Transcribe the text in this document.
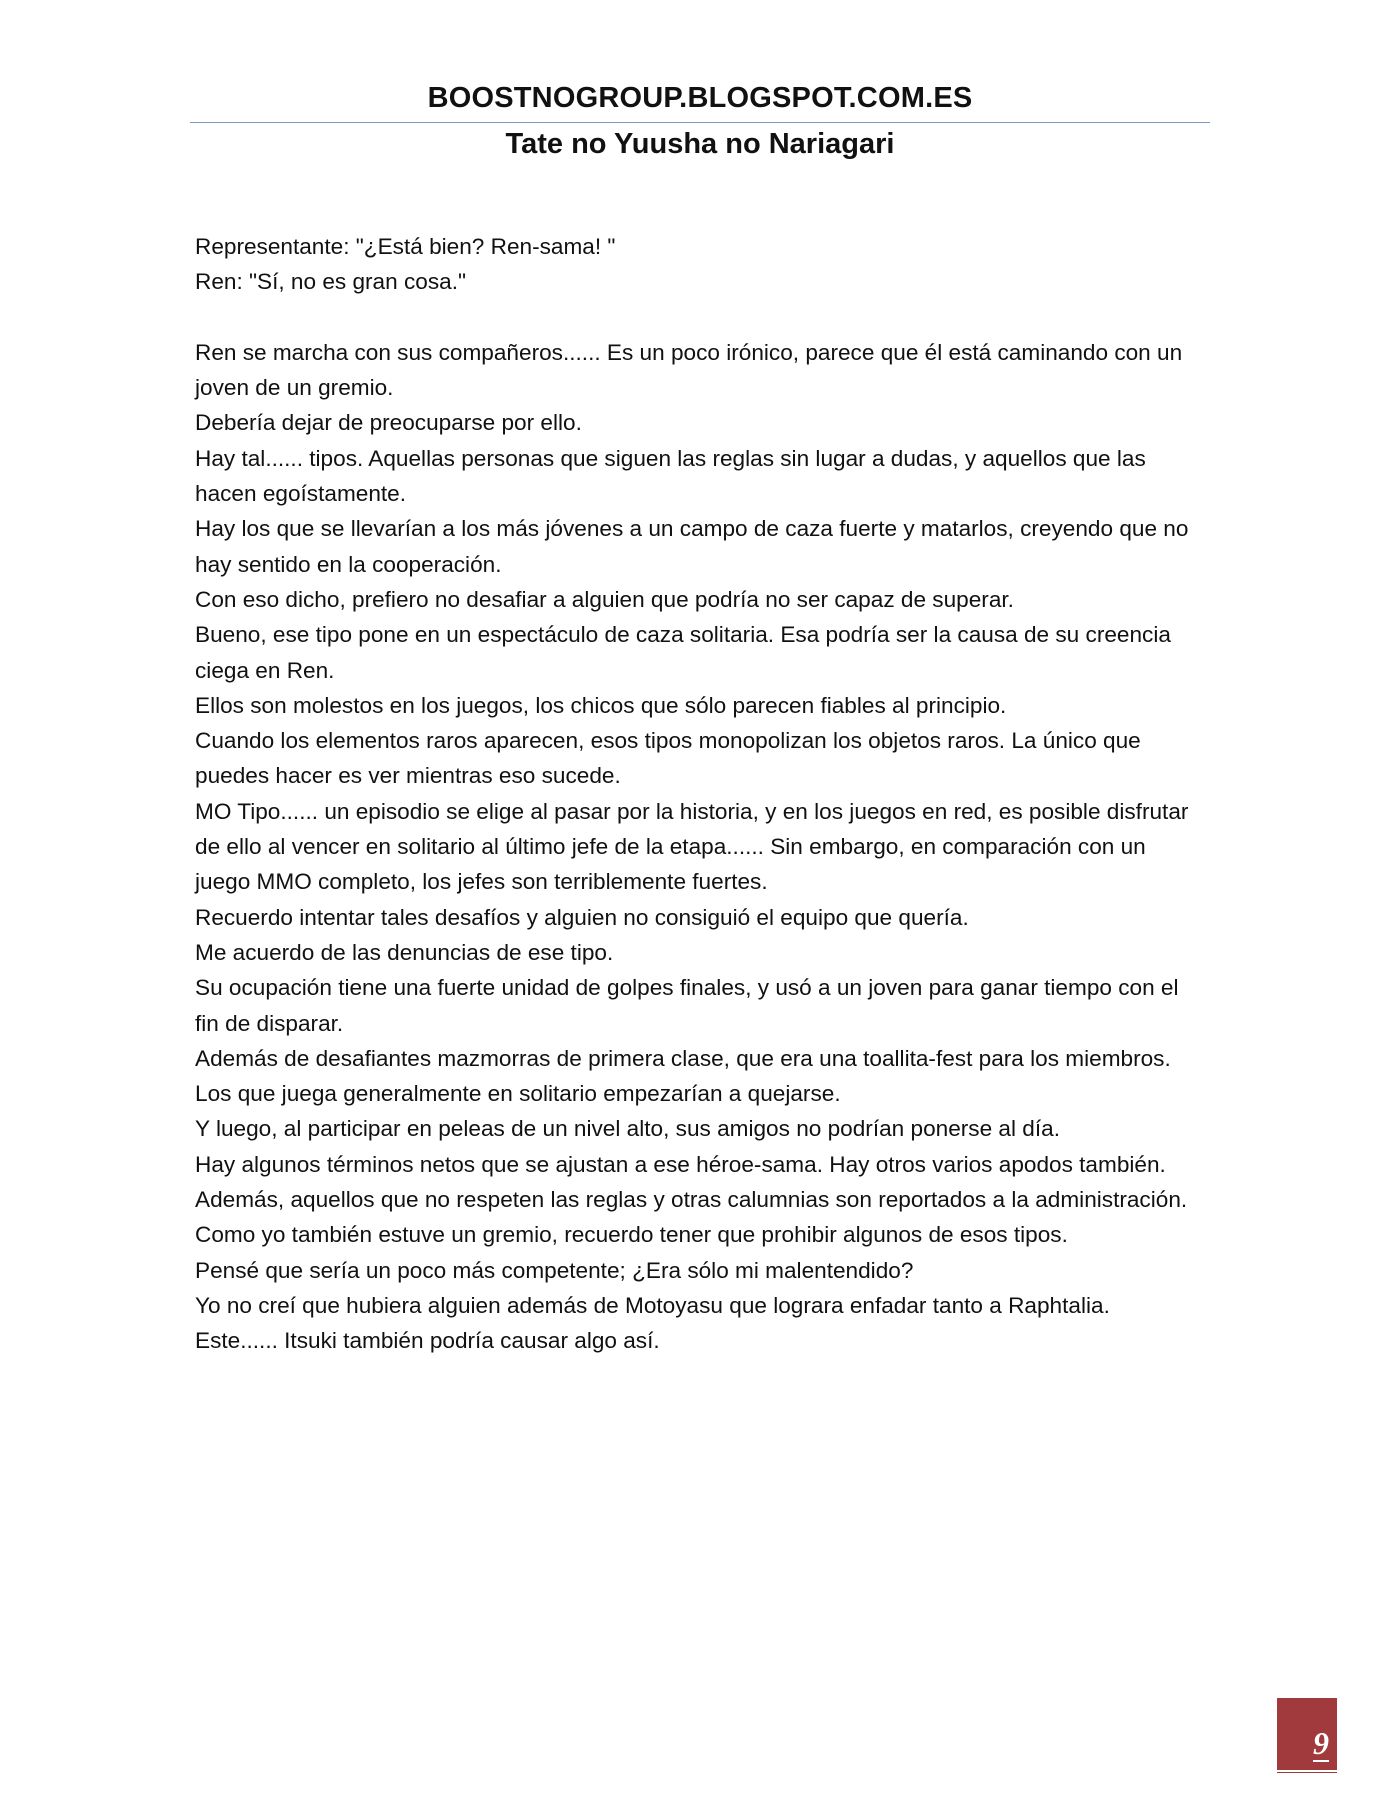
BOOSTNOGROUP.BLOGSPOT.COM.ES
Tate no Yuusha no Nariagari
Representante: "¿Está bien? Ren-sama! "
Ren: "Sí, no es gran cosa."
Ren se marcha con sus compañeros...... Es un poco irónico, parece que él está caminando con un
joven de un gremio.
Debería dejar de preocuparse por ello.
Hay tal...... tipos. Aquellas personas que siguen las reglas sin lugar a dudas, y aquellos que las
hacen egoístamente.
Hay los que se llevarían a los más jóvenes a un campo de caza fuerte y matarlos, creyendo que no
hay sentido en la cooperación.
Con eso dicho, prefiero no desafiar a alguien que podría no ser capaz de superar.
Bueno, ese tipo pone en un espectáculo de caza solitaria. Esa podría ser la causa de su creencia
ciega en Ren.
Ellos son molestos en los juegos, los chicos que sólo parecen fiables al principio.
Cuando los elementos raros aparecen, esos tipos monopolizan los objetos raros. La único que
puedes hacer es ver mientras eso sucede.
MO Tipo...... un episodio se elige al pasar por la historia, y en los juegos en red, es posible disfrutar
de ello al vencer en solitario al último jefe de la etapa...... Sin embargo, en comparación con un
juego MMO completo, los jefes son terriblemente fuertes.
Recuerdo intentar tales desafíos y alguien no consiguió el equipo que quería.
Me acuerdo de las denuncias de ese tipo.
Su ocupación tiene una fuerte unidad de golpes finales, y usó a un joven para ganar tiempo con el
fin de disparar.
Además de desafiantes mazmorras de primera clase, que era una toallita-fest para los miembros.
Los que juega generalmente en solitario empezarían a quejarse.
Y luego, al participar en peleas de un nivel alto, sus amigos no podrían ponerse al día.
Hay algunos términos netos que se ajustan a ese héroe-sama. Hay otros varios apodos también.
Además, aquellos que no respeten las reglas y otras calumnias son reportados a la administración.
Como yo también estuve un gremio, recuerdo tener que prohibir algunos de esos tipos.
Pensé que sería un poco más competente; ¿Era sólo mi malentendido?
Yo no creí que hubiera alguien además de Motoyasu que lograra enfadar tanto a Raphtalia.
Este...... Itsuki también podría causar algo así.
9
